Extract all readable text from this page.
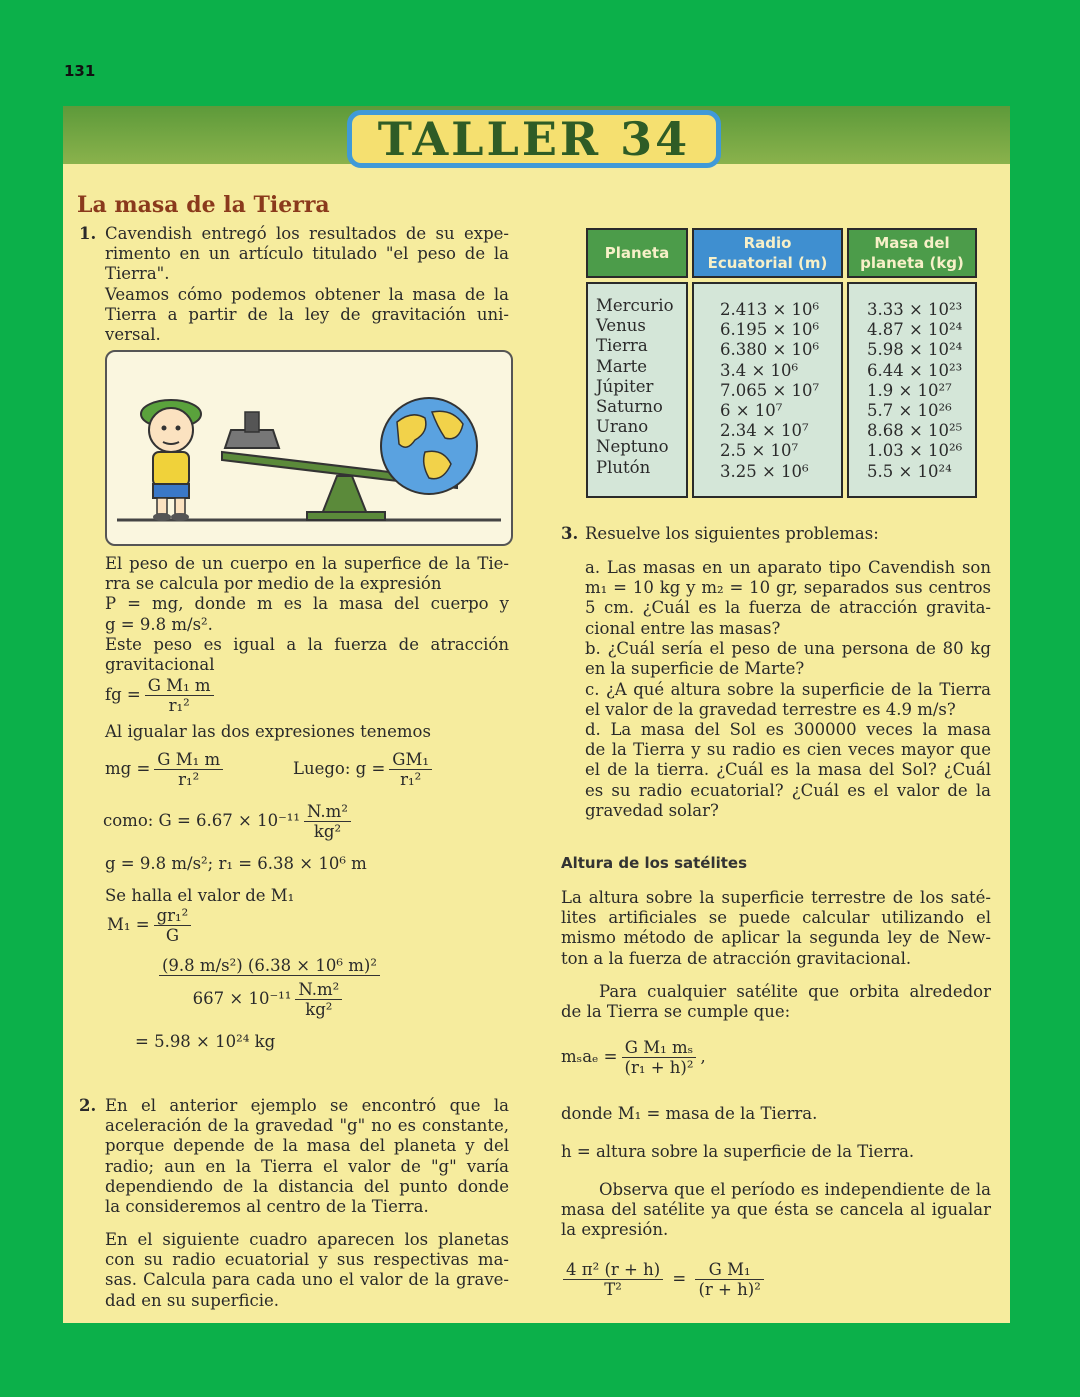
131
TALLER 34
La masa de la Tierra
1. Cavendish entregó los resultados de su expe-
rimento en un artículo titulado "el peso de la
Tierra".
Veamos cómo podemos obtener la masa de la
Tierra a partir de la ley de gravitación uni-
versal.
El peso de un cuerpo en la superfice de la Tie-
rra se calcula por medio de la expresión
P = mg, donde m es la masa del cuerpo y
g = 9.8 m/s².
Este peso es igual a la fuerza de atracción
gravitacional
fg = $\frac{\text{G M₁ m}}{\text{r₁²}}$
Al igualar las dos expresiones tenemos
mg = $\frac{\text{G M₁ m}}{\text{r₁²}}$	Luego: $g = \frac{\text{GM₁}}{\text{r₁²}}$
como: $G = 6.67 \times 10^{-11} \frac{\text{N.m²}}{\text{kg²}}$
g = 9.8 m/s²; r₁ = 6.38 × 10⁶ m
Se halla el valor de M₁
$M_1 = \frac{\text{gr₁²}}{G}$
$\frac{\text{(9.8 m/s²) (6.38 × 10⁶ m)²}}{667 \times 10^{-11} \frac{\text{N.m²}}{\text{kg²}}}$
= 5.98 × 10²⁴ kg
2. En el anterior ejemplo se encontró que la
aceleración de la gravedad "g" no es constante,
porque depende de la masa del planeta y del
radio; aun en la Tierra el valor de "g" varía
dependiendo de la distancia del punto donde
la consideremos al centro de la Tierra.
En el siguiente cuadro aparecen los planetas
con su radio ecuatorial y sus respectivas ma-
sas. Calcula para cada uno el valor de la grave-
dad en su superficie.
Planeta
Radio Ecuatorial (m)
Masa del planeta (kg)
Mercurio
Venus
Tierra
Marte
Júpiter
Saturno
Urano
Neptuno
Plutón
2.413 × 10⁶
6.195 × 10⁶
6.380 × 10⁶
3.4 × 10⁶
7.065 × 10⁷
6 × 10⁷
2.34 × 10⁷
2.5 × 10⁷
3.25 × 10⁶
3.33 × 10²³
4.87 × 10²⁴
5.98 × 10²⁴
6.44 × 10²³
1.9 × 10²⁷
5.7 × 10²⁶
8.68 × 10²⁵
1.03 × 10²⁶
5.5 × 10²⁴
3. Resuelve los siguientes problemas:
a. Las masas en un aparato tipo Cavendish son
m₁ = 10 kg y m₂ = 10 gr, separados sus centros
5 cm. ¿Cuál es la fuerza de atracción gravita-
cional entre las masas?
b. ¿Cuál sería el peso de una persona de 80 kg
en la superficie de Marte?
c. ¿A qué altura sobre la superficie de la Tierra
el valor de la gravedad terrestre es 4.9 m/s?
d. La masa del Sol es 300000 veces la masa
de la Tierra y su radio es cien veces mayor que
el de la tierra. ¿Cuál es la masa del Sol? ¿Cuál
es su radio ecuatorial? ¿Cuál es el valor de la
gravedad solar?
Altura de los satélites
La altura sobre la superficie terrestre de los saté-
lites artificiales se puede calcular utilizando el
mismo método de aplicar la segunda ley de New-
ton a la fuerza de atracción gravitacional.
Para cualquier satélite que orbita alrededor
de la Tierra se cumple que:
$m_sa_e = \frac{\text{G M₁ mₛ}}{\text{(r₁ + h)²}}$ ,
donde M₁ = masa de la Tierra.
h = altura sobre la superficie de la Tierra.
Observa que el período es independiente de la
masa del satélite ya que ésta se cancela al igualar
la expresión.
$\frac{\text{4 π² (r + h)}}{\text{T²}} = \frac{\text{G M₁}}{\text{(r + h)²}}$
